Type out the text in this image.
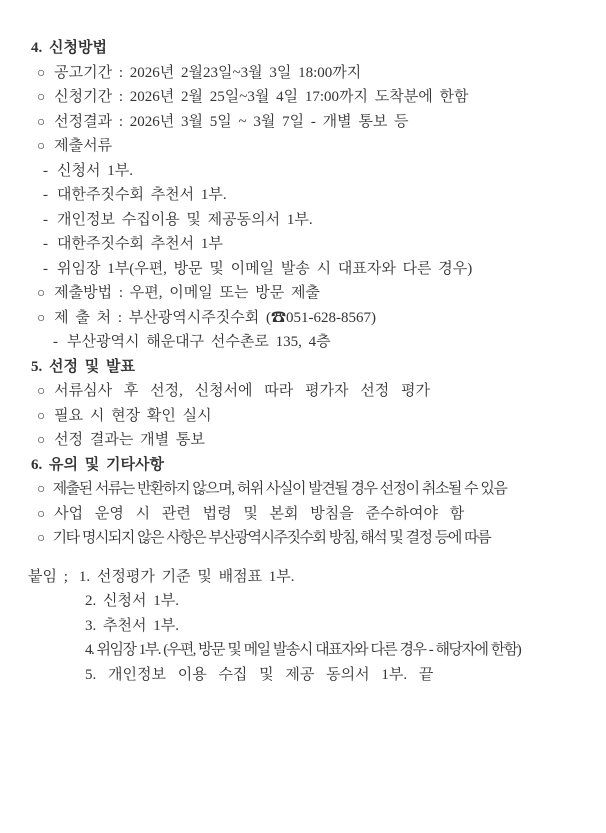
4. 신청방법
○ 공고기간 : 2026년 2월23일~3월 3일 18:00까지
○ 신청기간 : 2026년 2월 25일~3월 4일 17:00까지 도착분에 한함
○ 선정결과 : 2026년 3월 5일 ~ 3월 7일 - 개별 통보 등
○ 제출서류
- 신청서 1부.
- 대한주짓수회 추천서 1부.
- 개인정보 수집이용 및 제공동의서 1부.
- 대한주짓수회 추천서 1부
- 위임장 1부(우편, 방문 및 이메일 발송 시 대표자와 다른 경우)
○ 제출방법 : 우편, 이메일 또는 방문 제출
○ 제 출 처 : 부산광역시주짓수회 (☎051-628-8567)
- 부산광역시 해운대구 선수촌로 135, 4층
5. 선정 및 발표
○ 서류심사 후 선정, 신청서에 따라 평가자 선정 평가
○ 필요 시 현장 확인 실시
○ 선정 결과는 개별 통보
6. 유의 및 기타사항
○ 제출된 서류는 반환하지 않으며, 허위 사실이 발견될 경우 선정이 취소될 수 있음
○ 사업 운영 시 관련 법령 및 본회 방침을 준수하여야 함
○ 기타 명시되지 않은 사항은 부산광역시주짓수회 방침, 해석 및 결정 등에 따름
붙임 ; 1. 선정평가 기준 및 배점표 1부.
2. 신청서 1부.
3. 추천서 1부.
4. 위임장 1부. (우편, 방문 및 메일 발송시 대표자와 다른 경우 - 해당자에 한함)
5. 개인정보 이용 수집 및 제공 동의서 1부. 끝
